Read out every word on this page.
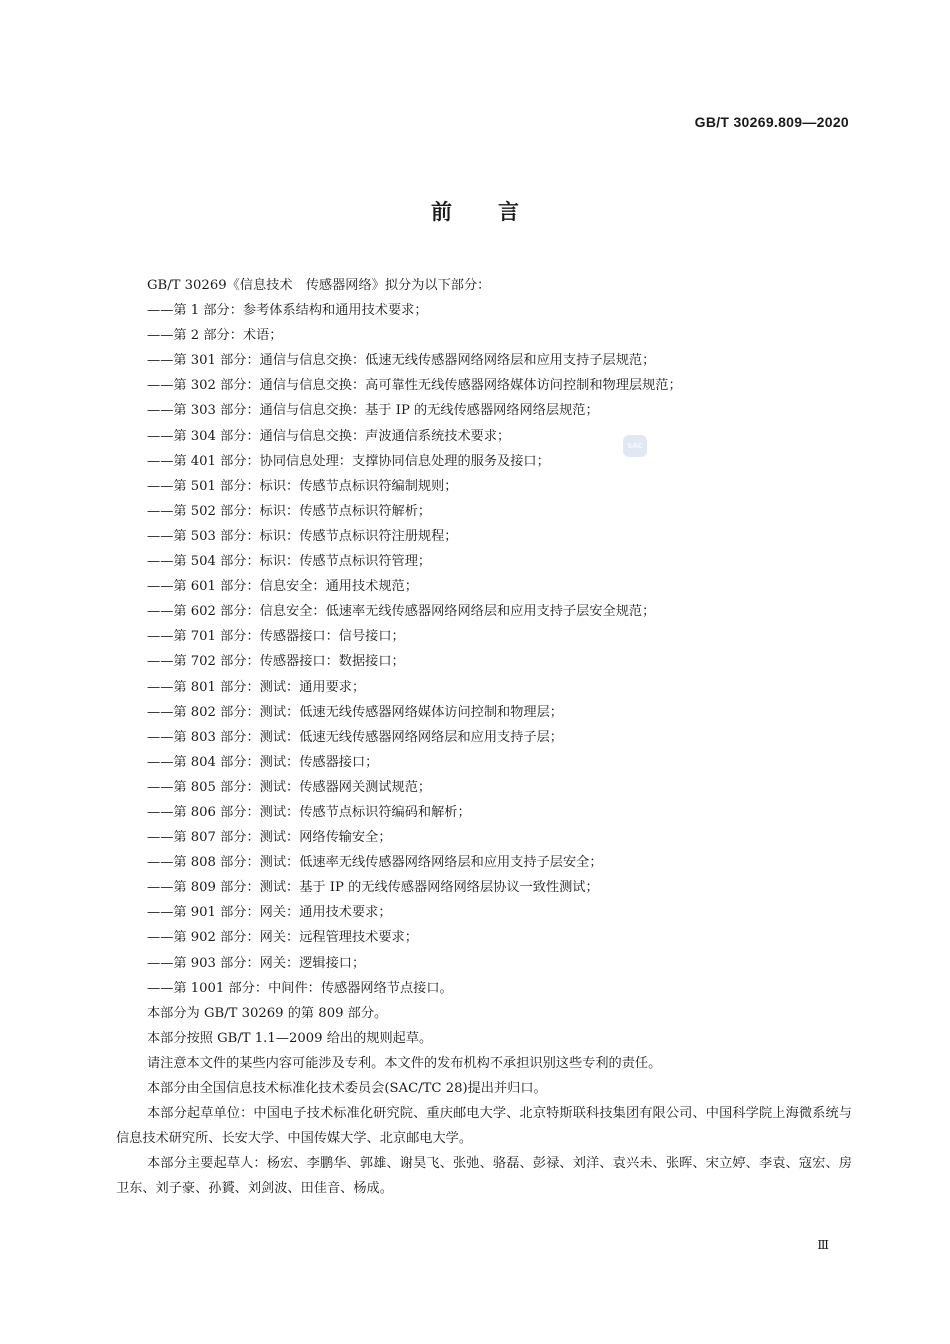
GB/T 30269.809—2020
前言
SAC

GB/T 30269《信息技术　传感器网络》拟分为以下部分：

——第 1 部分：参考体系结构和通用技术要求；

——第 2 部分：术语；

——第 301 部分：通信与信息交换：低速无线传感器网络网络层和应用支持子层规范；

——第 302 部分：通信与信息交换：高可靠性无线传感器网络媒体访问控制和物理层规范；

——第 303 部分：通信与信息交换：基于 IP 的无线传感器网络网络层规范；

——第 304 部分：通信与信息交换：声波通信系统技术要求；

——第 401 部分：协同信息处理：支撑协同信息处理的服务及接口；

——第 501 部分：标识：传感节点标识符编制规则；

——第 502 部分：标识：传感节点标识符解析；

——第 503 部分：标识：传感节点标识符注册规程；

——第 504 部分：标识：传感节点标识符管理；

——第 601 部分：信息安全：通用技术规范；

——第 602 部分：信息安全：低速率无线传感器网络网络层和应用支持子层安全规范；

——第 701 部分：传感器接口：信号接口；

——第 702 部分：传感器接口：数据接口；

——第 801 部分：测试：通用要求；

——第 802 部分：测试：低速无线传感器网络媒体访问控制和物理层；

——第 803 部分：测试：低速无线传感器网络网络层和应用支持子层；

——第 804 部分：测试：传感器接口；

——第 805 部分：测试：传感器网关测试规范；

——第 806 部分：测试：传感节点标识符编码和解析；

——第 807 部分：测试：网络传输安全；

——第 808 部分：测试：低速率无线传感器网络网络层和应用支持子层安全；

——第 809 部分：测试：基于 IP 的无线传感器网络网络层协议一致性测试；

——第 901 部分：网关：通用技术要求；

——第 902 部分：网关：远程管理技术要求；

——第 903 部分：网关：逻辑接口；

——第 1001 部分：中间件：传感器网络节点接口。

本部分为 GB/T 30269 的第 809 部分。

本部分按照 GB/T 1.1—2009 给出的规则起草。

请注意本文件的某些内容可能涉及专利。本文件的发布机构不承担识别这些专利的责任。

本部分由全国信息技术标准化技术委员会(SAC/TC 28)提出并归口。

本部分起草单位：中国电子技术标准化研究院、重庆邮电大学、北京特斯联科技集团有限公司、中国科学院上海微系统与信息技术研究所、长安大学、中国传媒大学、北京邮电大学。

本部分主要起草人：杨宏、李鹏华、郭雄、谢昊飞、张弛、骆磊、彭禄、刘洋、袁兴未、张晖、宋立婷、李袁、寇宏、房卫东、刘子豪、孙贇、刘剑波、田佳音、杨成。

Ⅲ
